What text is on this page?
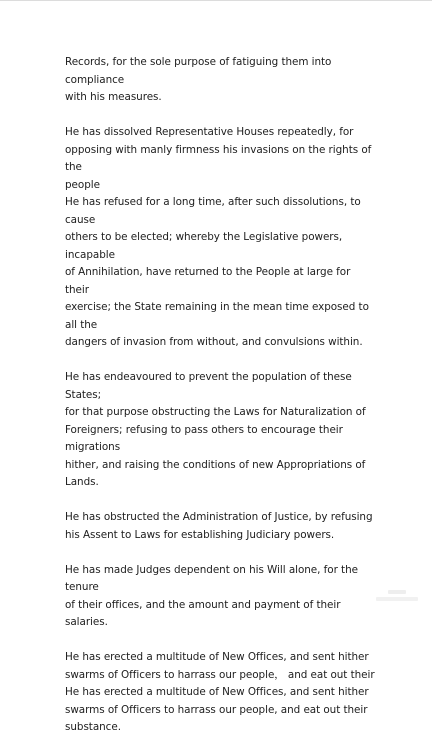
Records, for the sole purpose of fatiguing them into compliance
with his measures.

He has dissolved Representative Houses repeatedly, for
opposing with manly firmness his invasions on the rights of the
people
He has refused for a long time, after such dissolutions, to cause
others to be elected; whereby the Legislative powers, incapable
of Annihilation, have returned to the People at large for their
exercise; the State remaining in the mean time exposed to all the
dangers of invasion from without, and convulsions within.

He has endeavoured to prevent the population of these States;
for that purpose obstructing the Laws for Naturalization of
Foreigners; refusing to pass others to encourage their migrations
hither, and raising the conditions of new Appropriations of Lands.

He has obstructed the Administration of Justice, by refusing
his Assent to Laws for establishing Judiciary powers.

He has made Judges dependent on his Will alone, for the tenure
of their offices, and the amount and payment of their salaries.

He has erected a multitude of New Offices, and sent hither
swarms of Officers to harrass our people， and eat out their
He has erected a multitude of New Offices, and sent hither
swarms of Officers to harrass our people, and eat out their
substance.
